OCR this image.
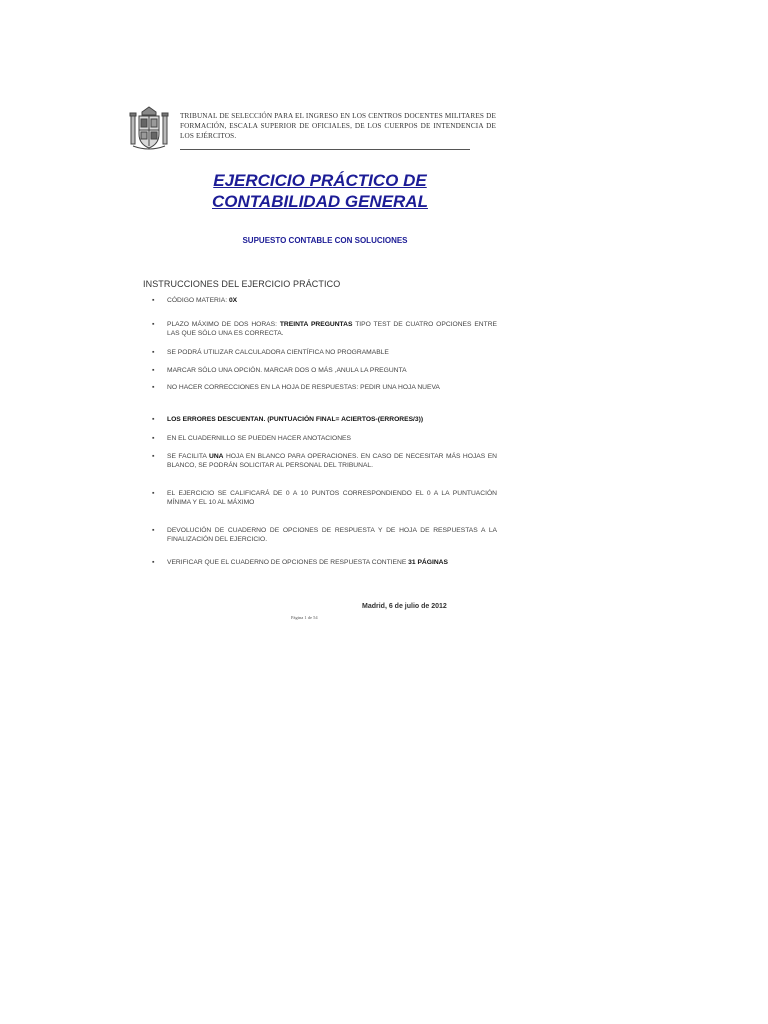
TRIBUNAL DE SELECCIÓN PARA EL INGRESO EN LOS CENTROS DOCENTES MILITARES DE FORMACIÓN, ESCALA SUPERIOR DE OFICIALES, DE LOS CUERPOS DE INTENDENCIA DE LOS EJÉRCITOS.
EJERCICIO PRÁCTICO DE
CONTABILIDAD GENERAL
SUPUESTO CONTABLE CON SOLUCIONES
INSTRUCCIONES DEL EJERCICIO PRÁCTICO
▪ CÓDIGO MATERIA: 0X
▪ PLAZO MÁXIMO DE DOS HORAS: TREINTA PREGUNTAS TIPO TEST DE CUATRO OPCIONES ENTRE LAS QUE SÓLO UNA ES CORRECTA.
▪ SE PODRÁ UTILIZAR CALCULADORA CIENTÍFICA NO PROGRAMABLE
▪ MARCAR SÓLO UNA OPCIÓN. MARCAR DOS O MÁS ,ANULA LA PREGUNTA
▪ NO HACER CORRECCIONES EN LA HOJA DE RESPUESTAS: PEDIR UNA HOJA NUEVA
▪ LOS ERRORES DESCUENTAN. (PUNTUACIÓN FINAL= ACIERTOS-(ERRORES/3))
▪ EN EL CUADERNILLO SE PUEDEN HACER ANOTACIONES
▪ SE FACILITA UNA HOJA EN BLANCO PARA OPERACIONES. EN CASO DE NECESITAR MÁS HOJAS EN BLANCO, SE PODRÁN SOLICITAR AL PERSONAL DEL TRIBUNAL.
▪ EL EJERCICIO SE CALIFICARÁ DE 0 A 10 PUNTOS CORRESPONDIENDO EL 0 A LA PUNTUACIÓN MÍNIMA Y EL 10 AL MÁXIMO
▪ DEVOLUCIÓN DE CUADERNO DE OPCIONES DE RESPUESTA Y DE HOJA DE RESPUESTAS A LA FINALIZACIÓN DEL EJERCICIO.
▪ VERIFICAR QUE EL CUADERNO DE OPCIONES DE RESPUESTA CONTIENE 31 PÁGINAS
Madrid, 6 de julio de 2012
Página 1 de 54
